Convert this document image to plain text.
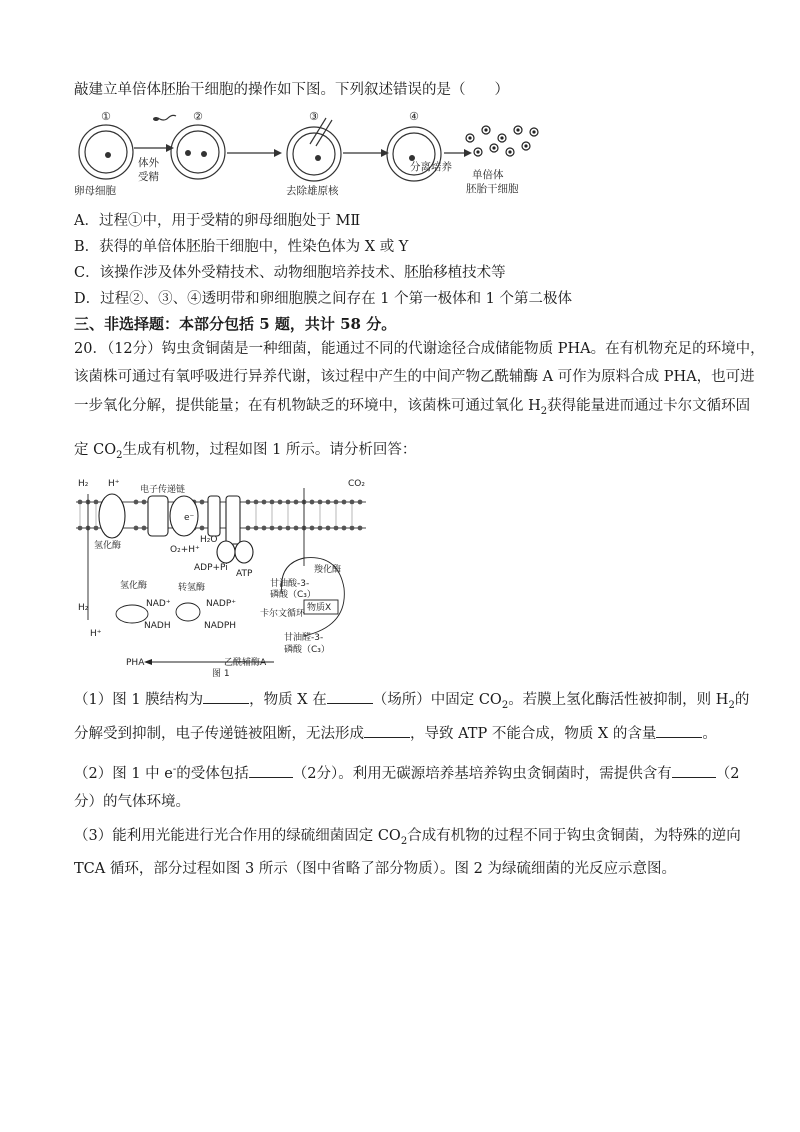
敲建立单倍体胚胎干细胞的操作如下图。下列叙述错误的是（　　）
①	②	③	④
卵母细胞
体外
受精
去除雄原核
分离培养
单倍体
胚胎干细胞
A．过程①中，用于受精的卵母细胞处于 MⅡ
B．获得的单倍体胚胎干细胞中，性染色体为 X 或 Y
C．该操作涉及体外受精技术、动物细胞培养技术、胚胎移植技术等
D．过程②、③、④透明带和卵细胞膜之间存在 1 个第一极体和 1 个第二极体
三、非选择题：本部分包括 5 题，共计 58 分。
20．（12分）钩虫贪铜菌是一种细菌，能通过不同的代谢途径合成储能物质 PHA。在有机物充足的环境中，
该菌株可通过有氧呼吸进行异养代谢，该过程中产生的中间产物乙酰辅酶 A 可作为原料合成 PHA，也可进
一步氧化分解，提供能量；在有机物缺乏的环境中，该菌株可通过氧化 $H_2$获得能量进而通过卡尔文循环固
定 $CO_2$生成有机物，过程如图 1 所示。请分析回答：
H₂ H⁺
电子传递链
e⁻
氢化酶	O₂+H⁺
H₂O
ADP+Pi
ATP
CO₂
羧化酶
物质X
甘油酸-3-
磷酸（C₃）
卡尔文循环
甘油醛-3-
磷酸（C₃）
氢化酶
H₂
H⁺
NAD⁺
NADH
转氢酶
NADP⁺
NADPH
PHA	乙酰辅酶A
图 1
（1）图 1 膜结构为	，物质 X 在	（场所）中固定 $CO_2$。若膜上氢化酶活性被抑制，则 $H_2$的
分解受到抑制，电子传递链被阻断，无法形成	，导致 ATP 不能合成，物质 X 的含量	。
（2）图 1 中 e-的受体包括	（2分）。利用无碳源培养基培养钩虫贪铜菌时，需提供含有	（2
分）的气体环境。
（3）能利用光能进行光合作用的绿硫细菌固定 $CO_2$合成有机物的过程不同于钩虫贪铜菌，为特殊的逆向
TCA 循环，部分过程如图 3 所示（图中省略了部分物质）。图 2 为绿硫细菌的光反应示意图。
